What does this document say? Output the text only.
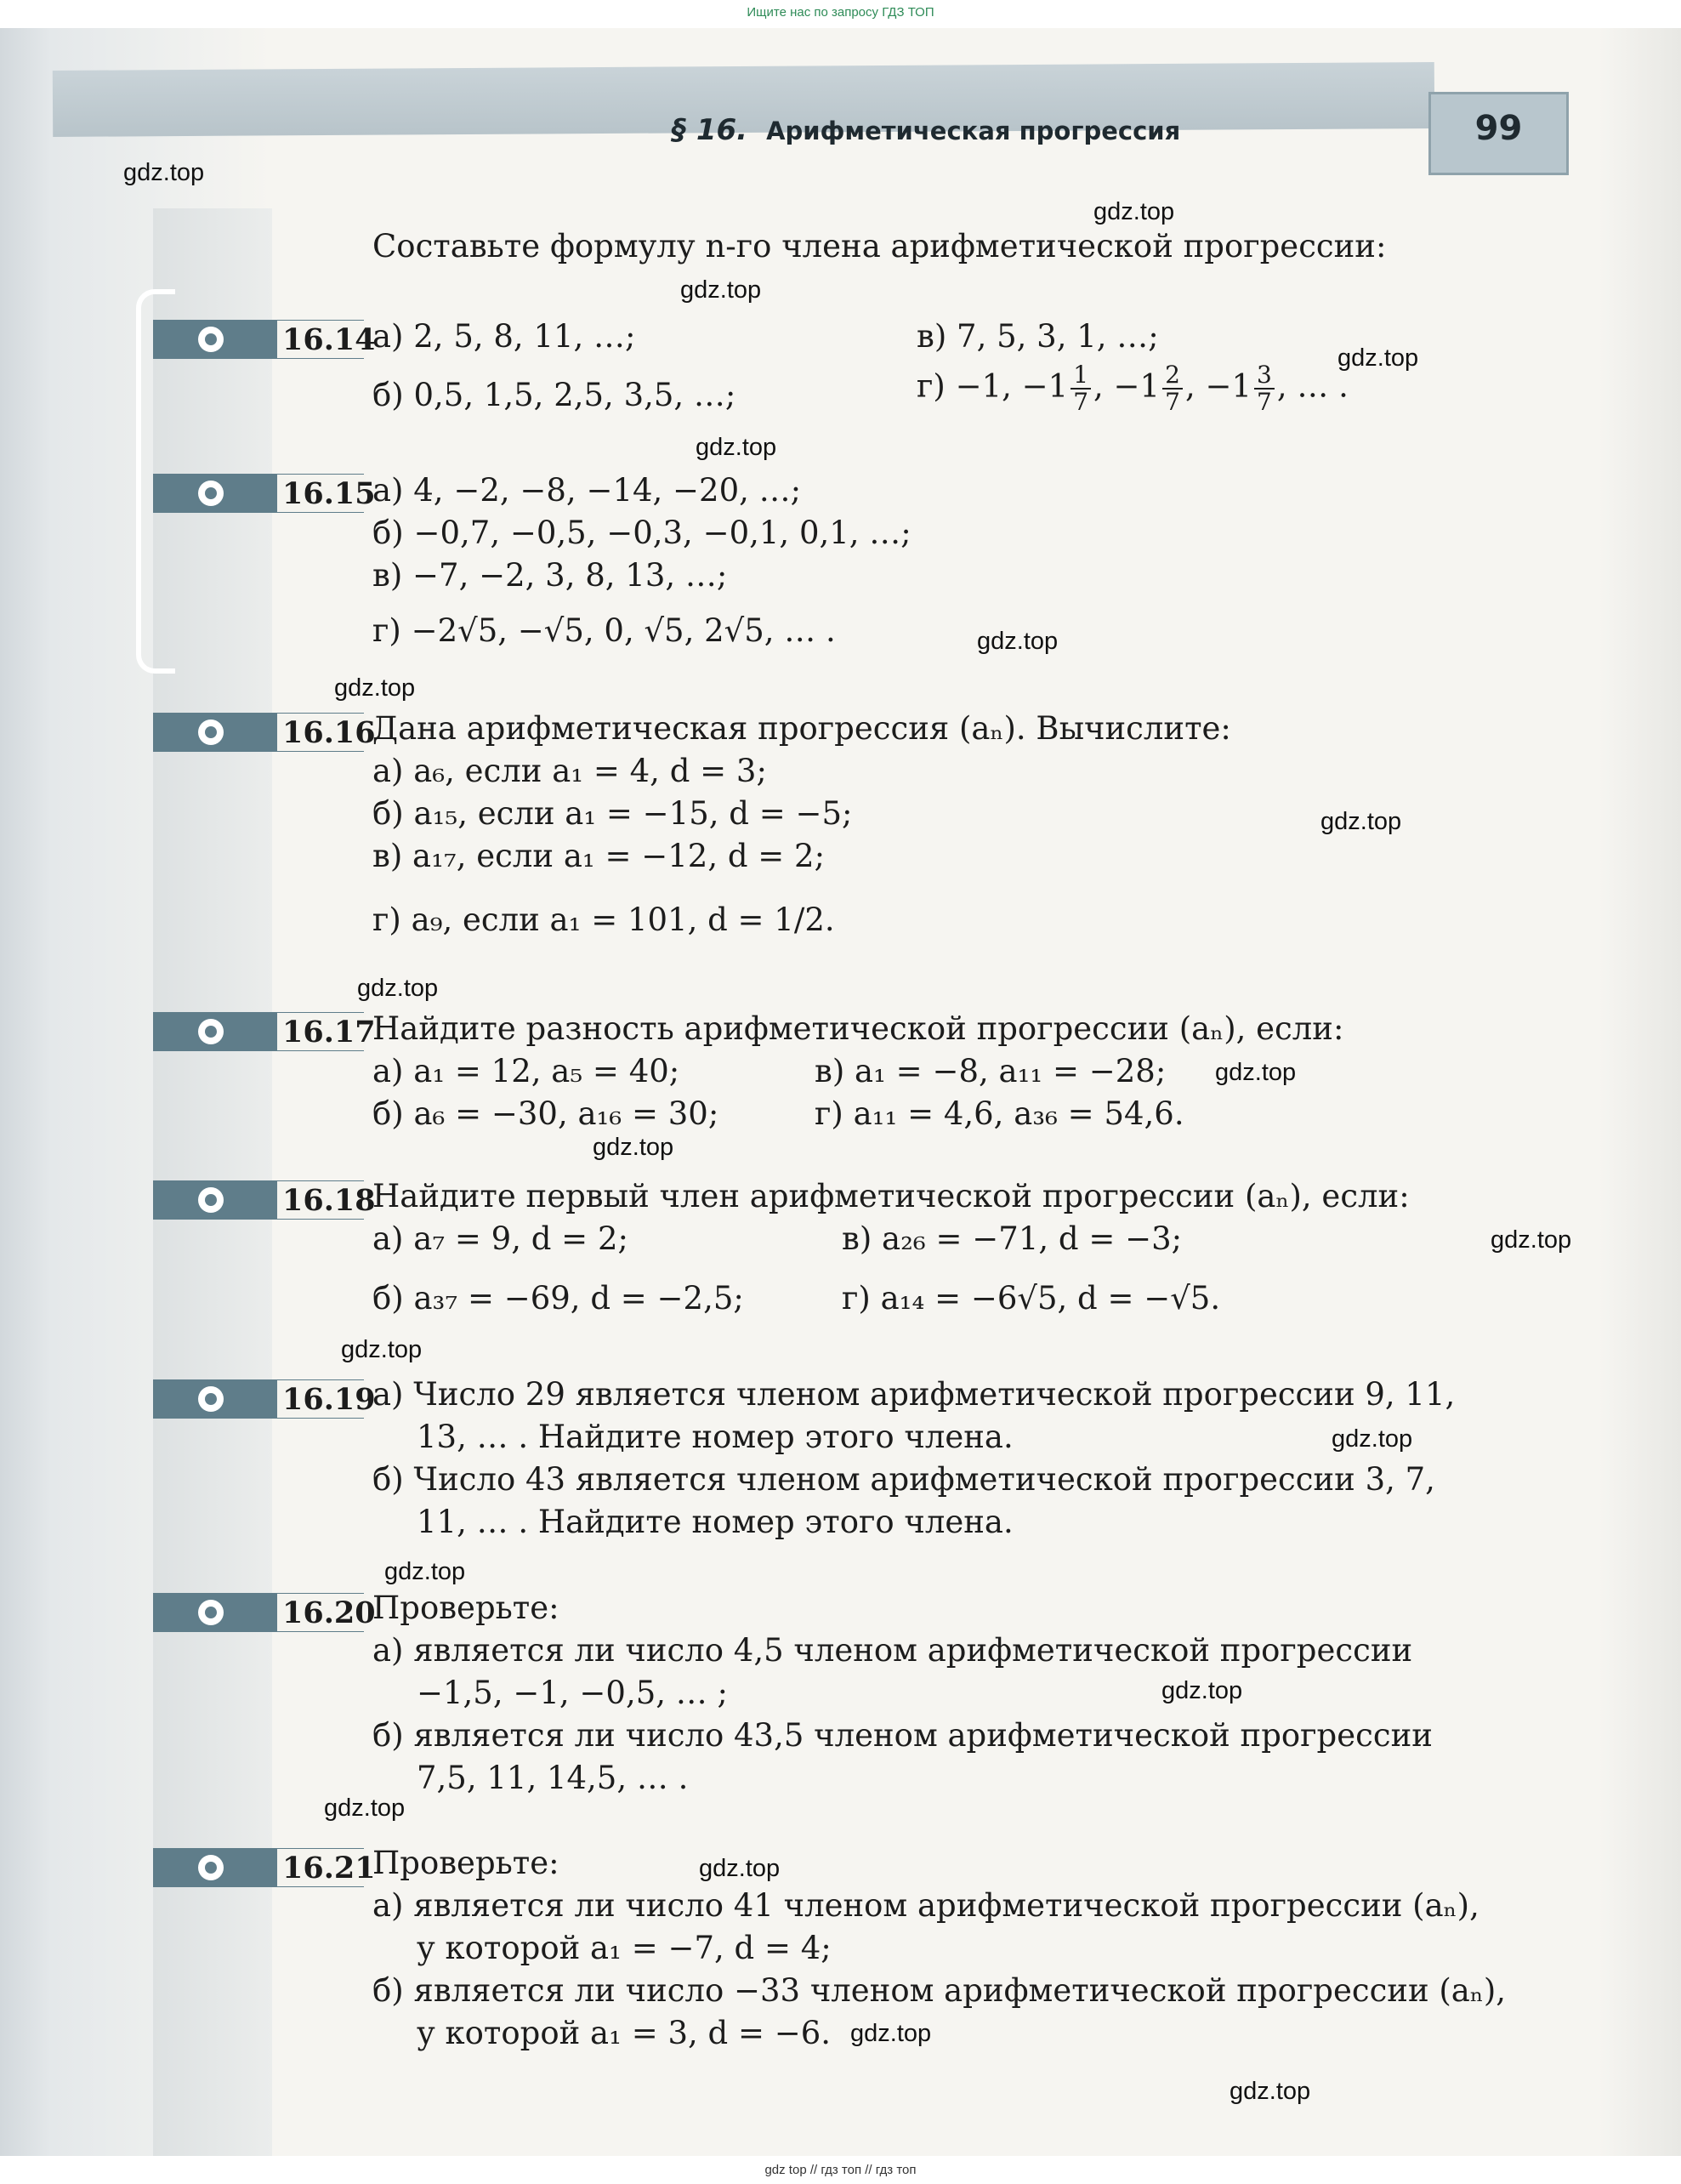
Ищите нас по запросу ГДЗ ТОП
§ 16. Арифметическая прогрессия	99
gdz.top
gdz.top
gdz.top
gdz.top
gdz.top
gdz.top
gdz.top
gdz.top
gdz.top
gdz.top
gdz.top
gdz.top
gdz.top
gdz.top
gdz.top
gdz.top
gdz.top
gdz.top
gdz.top
gdz.top
Составьте формулу n-го члена арифметической прогрессии:
16.14
а) 2, 5, 8, 11, …;	в) 7, 5, 3, 1, …;
б) 0,5, 1,5, 2,5, 3,5, …;	г) −1, $-1 \frac{1}{7}$ , $-1 \frac{2}{7}$ , $-1 \frac{3}{7}$ , … .
16.15
а) 4, −2, −8, −14, −20, …;
б) −0,7, −0,5, −0,3, −0,1, 0,1, …;
в) −7, −2, 3, 8, 13, …;
г) −2√5, −√5, 0, √5, 2√5, … .
16.16
Дана арифметическая прогрессия (aₙ). Вычислите:
а) a₆, если a₁ = 4, d = 3;
б) a₁₅, если a₁ = −15, d = −5;
в) a₁₇, если a₁ = −12, d = 2;
г) a₉, если a₁ = 101, d = 1/2.
16.17
Найдите разность арифметической прогрессии (aₙ), если:
а) a₁ = 12, a₅ = 40;	в) a₁ = −8, a₁₁ = −28;
б) a₆ = −30, a₁₆ = 30;	г) a₁₁ = 4,6, a₃₆ = 54,6.
16.18
Найдите первый член арифметической прогрессии (aₙ), если:
а) a₇ = 9, d = 2;	в) a₂₆ = −71, d = −3;
б) a₃₇ = −69, d = −2,5;	г) a₁₄ = −6√5, d = −√5.
16.19
а) Число 29 является членом арифметической прогрессии 9, 11,
13, … . Найдите номер этого члена.
б) Число 43 является членом арифметической прогрессии 3, 7,
11, … . Найдите номер этого члена.
16.20
Проверьте:
а) является ли число 4,5 членом арифметической прогрессии
−1,5, −1, −0,5, … ;
б) является ли число 43,5 членом арифметической прогрессии
7,5, 11, 14,5, … .
16.21
Проверьте:
а) является ли число 41 членом арифметической прогрессии (aₙ),
у которой a₁ = −7, d = 4;
б) является ли число −33 членом арифметической прогрессии (aₙ),
у которой a₁ = 3, d = −6.
gdz top // гдз топ // гдз топ
